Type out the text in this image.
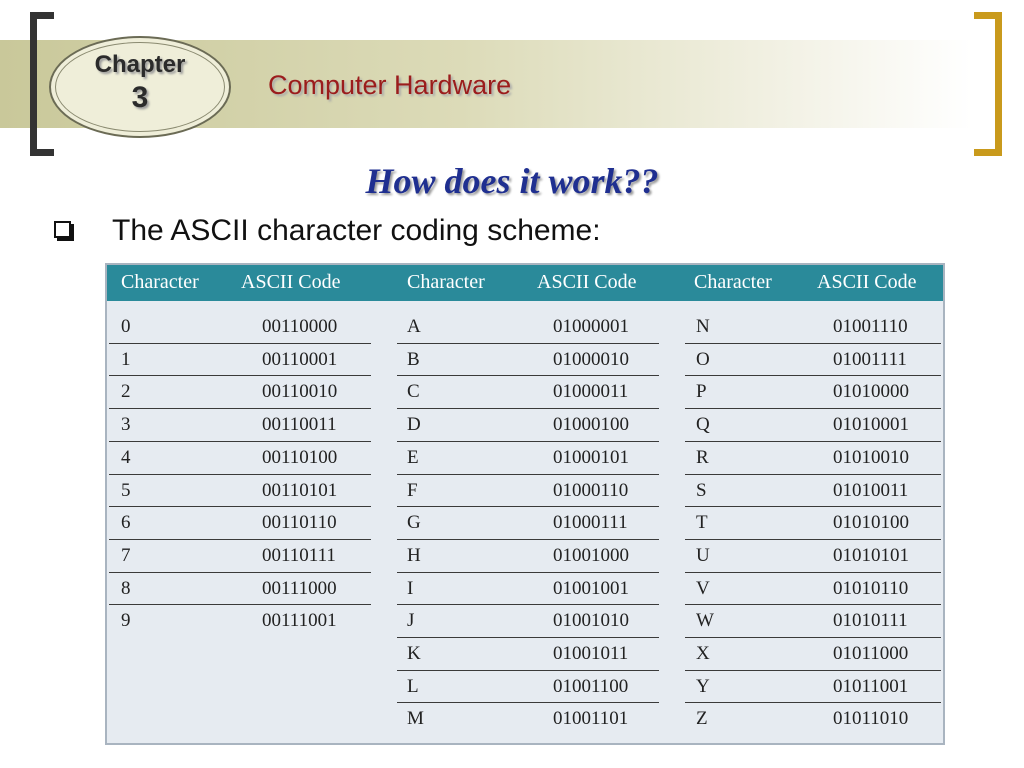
Chapter
3	Computer Hardware
How does it work??
The ASCII character coding scheme:
Character ASCII Code	Character	ASCII Code	Character ASCII Code
0	00110000
1	00110001
2	00110010
3	00110011
4	00110100
5	00110101
6	00110110
7	00110111
8	00111000
9	00111001
A	01000001
B	01000010
C	01000011
D	01000100
E	01000101
F	01000110
G	01000111
H	01001000
I	01001001
J	01001010
K	01001011
L	01001100
M	01001101
N	01001110
O	01001111
P	01010000
Q	01010001
R	01010010
S	01010011
T	01010100
U	01010101
V	01010110
W	01010111
X	01011000
Y	01011001
Z	01011010
